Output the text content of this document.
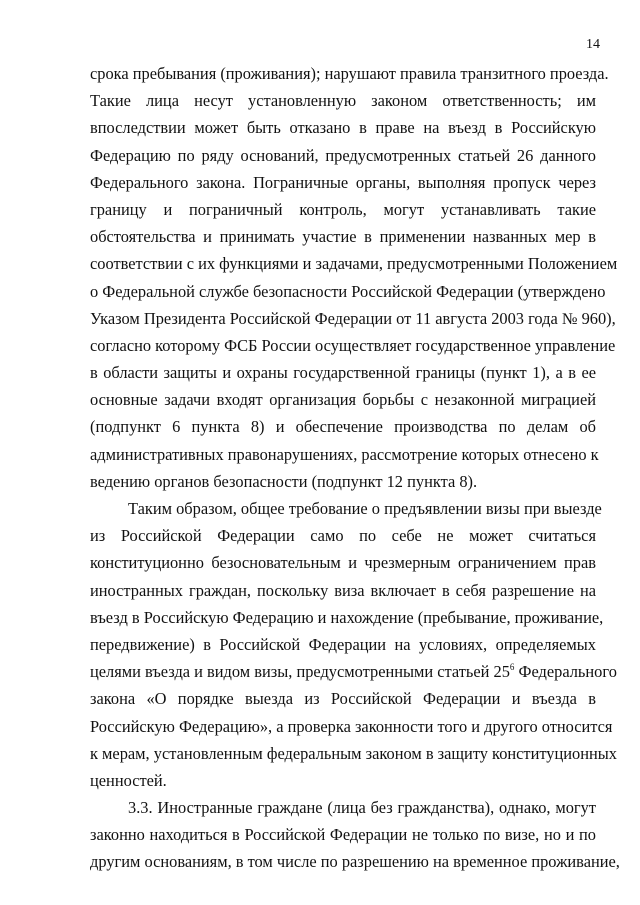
14
срока пребывания (проживания); нарушают правила транзитного проезда.
Такие лица несут установленную законом ответственность; им
впоследствии может быть отказано в праве на въезд в Российскую
Федерацию по ряду оснований, предусмотренных статьей 26 данного
Федерального закона. Пограничные органы, выполняя пропуск через
границу и пограничный контроль, могут устанавливать такие
обстоятельства и принимать участие в применении названных мер в
соответствии с их функциями и задачами, предусмотренными Положением
о Федеральной службе безопасности Российской Федерации (утверждено
Указом Президента Российской Федерации от 11 августа 2003 года № 960),
согласно которому ФСБ России осуществляет государственное управление
в области защиты и охраны государственной границы (пункт 1), а в ее
основные задачи входят организация борьбы с незаконной миграцией
(подпункт 6 пункта 8) и обеспечение производства по делам об
административных правонарушениях, рассмотрение которых отнесено к
ведению органов безопасности (подпункт 12 пункта 8).
Таким образом, общее требование о предъявлении визы при выезде
из Российской Федерации само по себе не может считаться
конституционно безосновательным и чрезмерным ограничением прав
иностранных граждан, поскольку виза включает в себя разрешение на
въезд в Российскую Федерацию и нахождение (пребывание, проживание,
передвижение) в Российской Федерации на условиях, определяемых
целями въезда и видом визы, предусмотренными статьей $25^6$ Федерального
закона «О порядке выезда из Российской Федерации и въезда в
Российскую Федерацию», а проверка законности того и другого относится
к мерам, установленным федеральным законом в защиту конституционных
ценностей.
3.3. Иностранные граждане (лица без гражданства), однако, могут
законно находиться в Российской Федерации не только по визе, но и по
другим основаниям, в том числе по разрешению на временное проживание,
